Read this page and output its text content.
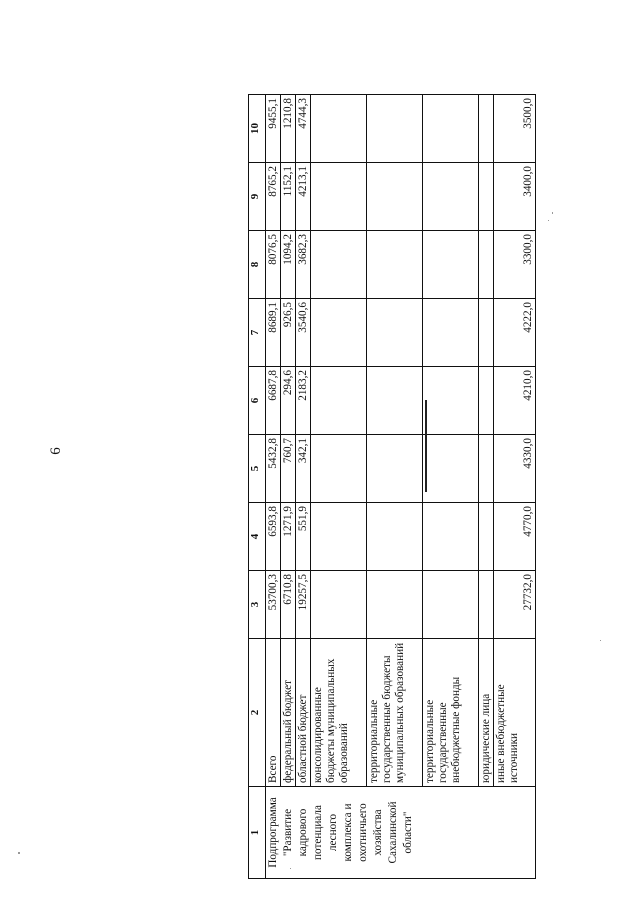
6
1	2	3	4	5	6	7	8	9	10
Подпрограмма "Развитие кадрового потенциала лесного комплекса и охотничьего хозяйства Сахалинской области"	Всего	53700,3	6593,8	5432,8	6687,8	8689,1	8076,5	8765,2	9455,1
	федеральный бюджет	6710,8	1271,9	760,7	294,6	926,5	1094,2	1152,1	1210,8
	областной бюджет	19257,5	551,9	342,1	2183,2	3540,6	3682,3	4213,1	4744,3
	консолидированные бюджеты муниципальных образований								
	территориальные государственные бюджеты муниципальных образований								
	территориальные государственные внебюджетные фонды								
	юридические лица								
	иные внебюджетные источники	27732,0	4770,0	4330,0	4210,0	4222,0	3300,0	3400,0	3500,0
